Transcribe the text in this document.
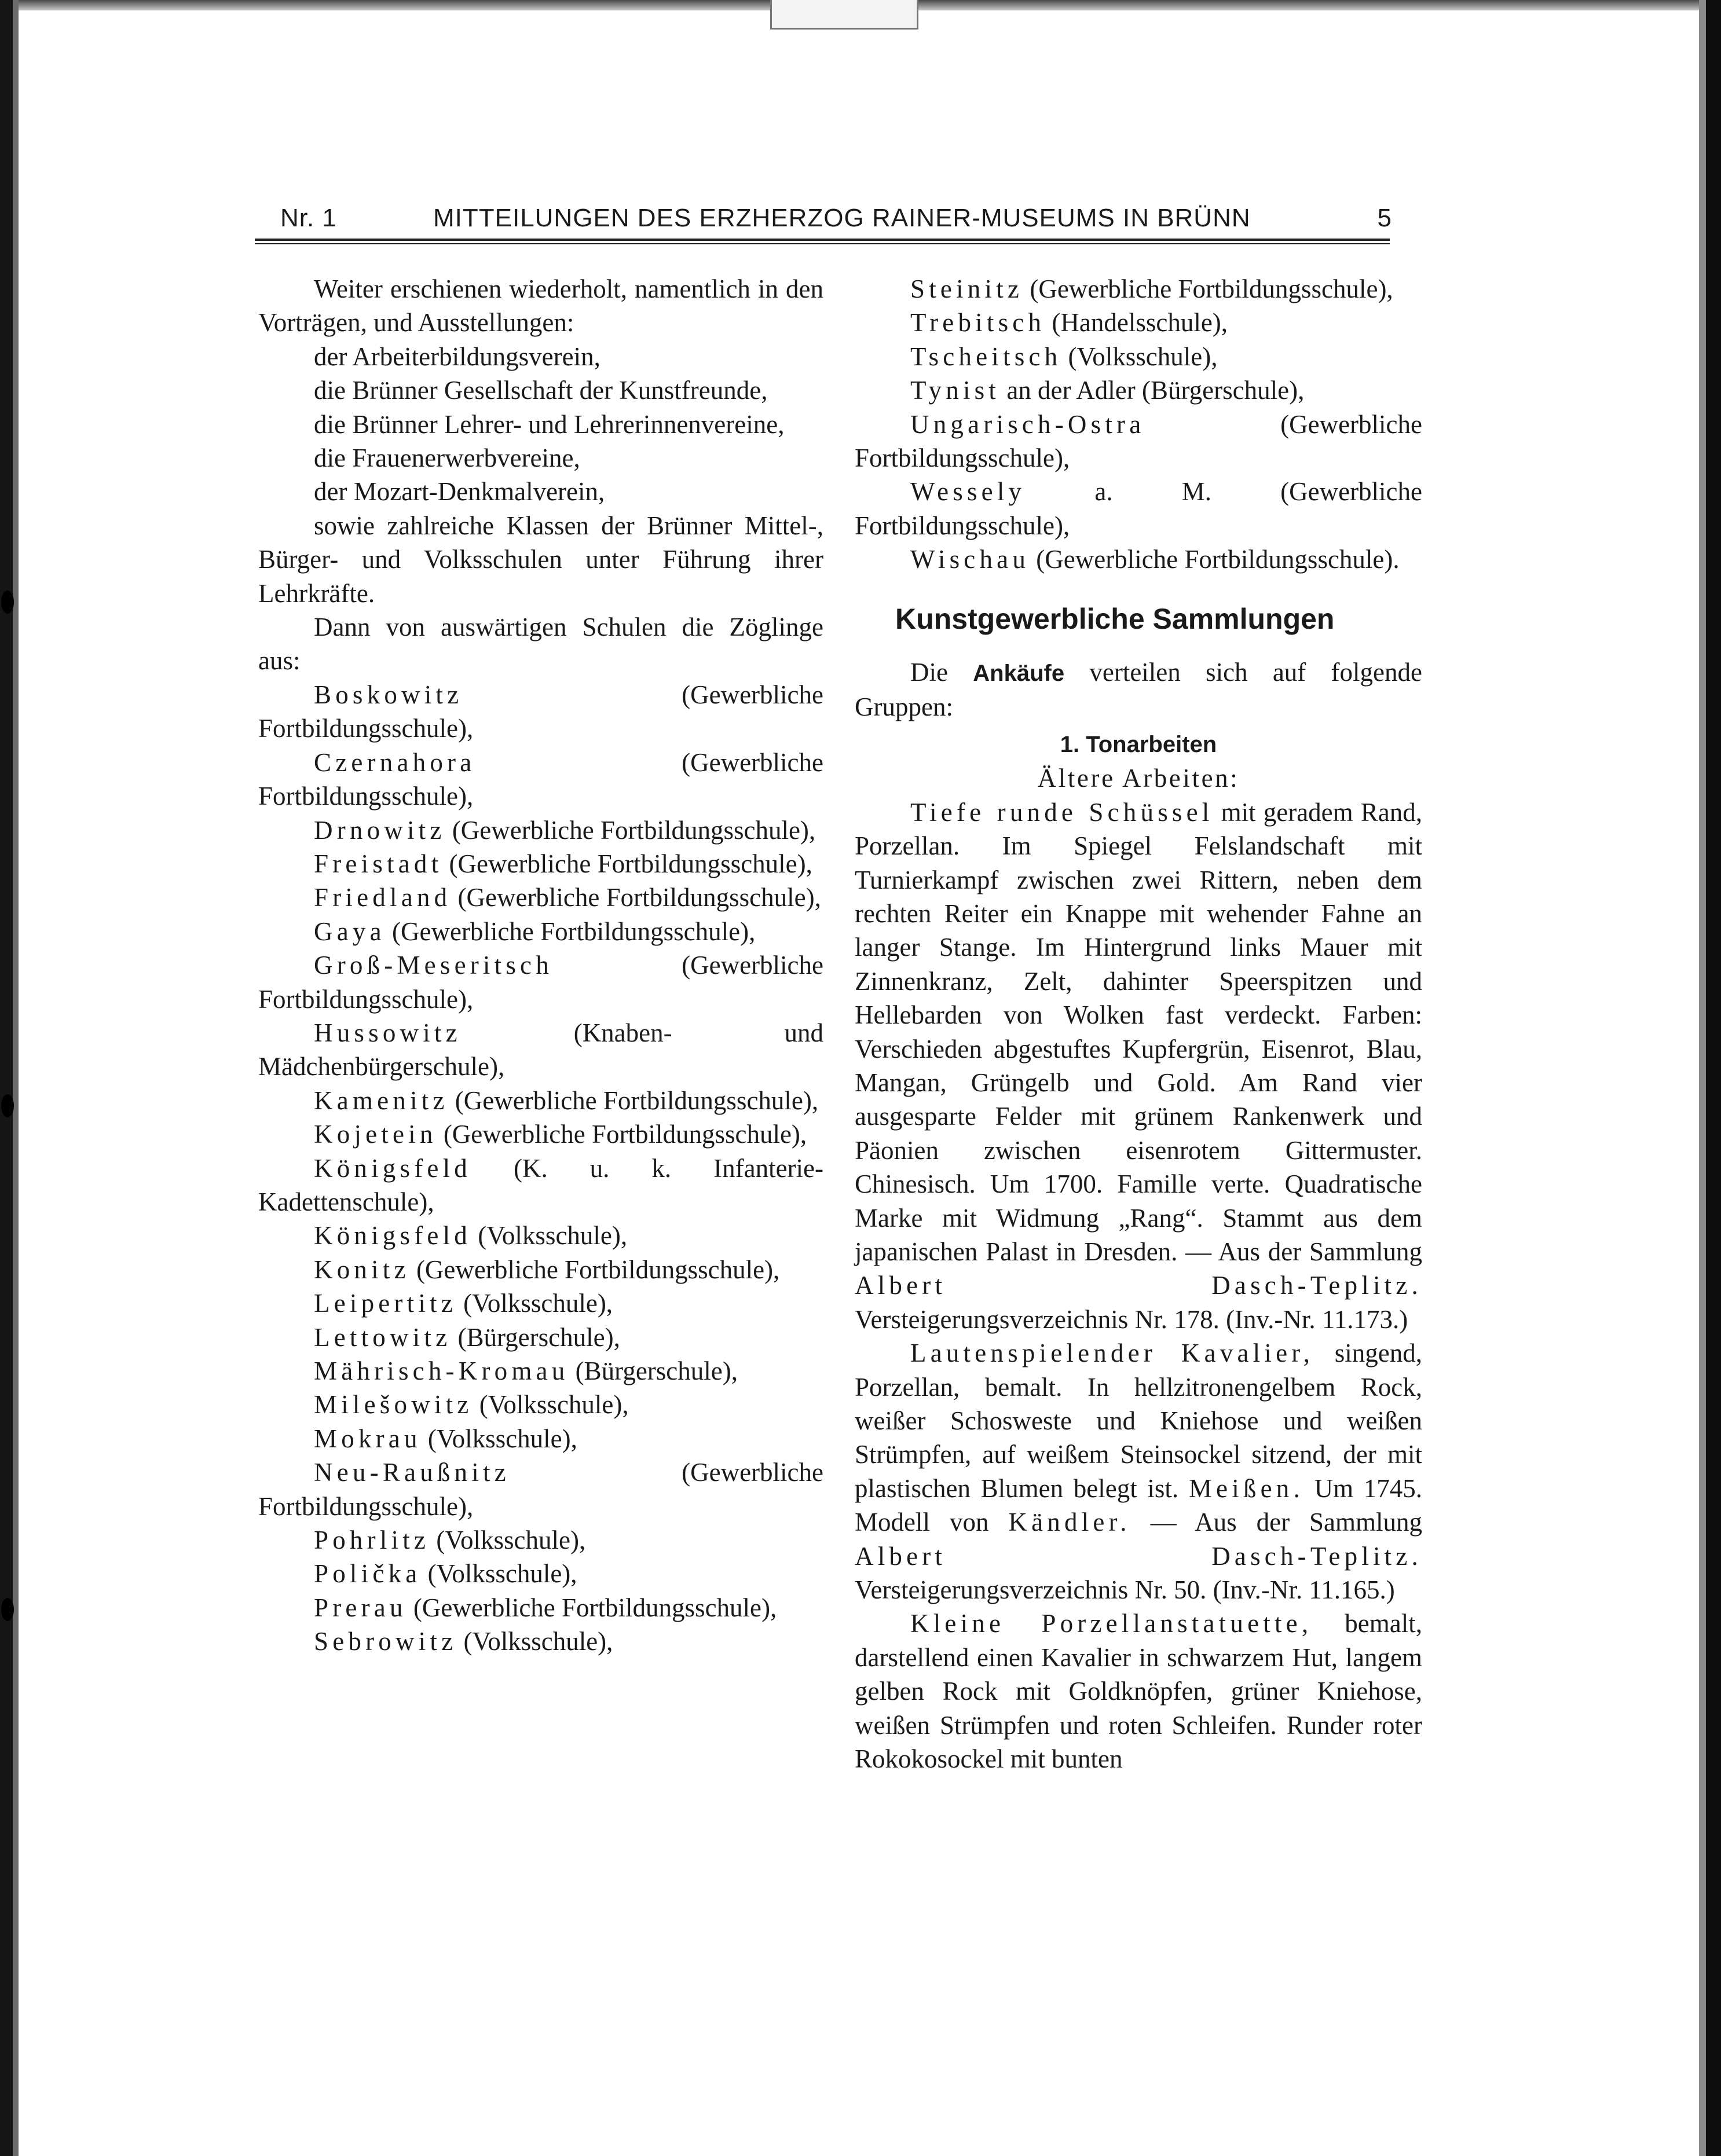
Nr. 1	MITTEILUNGEN DES ERZHERZOG RAINER-MUSEUMS IN BRÜNN	5

Weiter erschienen wiederholt, namentlich in den Vorträgen, und Ausstellungen:

der Arbeiterbildungsverein,

die Brünner Gesellschaft der Kunstfreunde,

die Brünner Lehrer- und Lehrerinnenvereine,

die Frauenerwerbvereine,

der Mozart-Denkmalverein,

sowie zahlreiche Klassen der Brünner Mittel-, Bürger- und Volksschulen unter Führung ihrer Lehrkräfte.

Dann von auswärtigen Schulen die Zöglinge aus:

Boskowitz	(Gewerbliche Fortbildungsschule),

Czernahora	(Gewerbliche Fortbildungsschule),

Drnowitz (Gewerbliche Fortbildungsschule),

Freistadt (Gewerbliche Fortbildungsschule),

Friedland (Gewerbliche Fortbildungsschule),

Gaya (Gewerbliche Fortbildungsschule),

Groß-Meseritsch	(Gewerbliche Fortbildungsschule),

Hussowitz	(Knaben- und Mädchenbürgerschule),

Kamenitz (Gewerbliche Fortbildungsschule),

Kojetein (Gewerbliche Fortbildungsschule),

Königsfeld (K. u. k. Infanterie-Kadettenschule),

Königsfeld (Volksschule),

Konitz (Gewerbliche Fortbildungsschule),

Leipertitz (Volksschule),

Lettowitz (Bürgerschule),

Mährisch-Kromau (Bürgerschule),

Milešowitz (Volksschule),

Mokrau (Volksschule),

Neu-Raußnitz	(Gewerbliche Fortbildungsschule),

Pohrlitz (Volksschule),

Polička (Volksschule),

Prerau (Gewerbliche Fortbildungsschule),

Sebrowitz (Volksschule),

Steinitz (Gewerbliche Fortbildungsschule),

Trebitsch (Handelsschule),

Tscheitsch (Volksschule),

Tynist an der Adler (Bürgerschule),

Ungarisch-Ostra	(Gewerbliche Fortbildungsschule),

Wessely	a. M. (Gewerbliche Fortbildungsschule),

Wischau (Gewerbliche Fortbildungsschule).

Kunstgewerbliche Sammlungen

Die Ankäufe verteilen sich auf folgende Gruppen:

1. Tonarbeiten

Ältere Arbeiten:

Tiefe runde Schüssel mit geradem Rand, Porzellan. Im Spiegel Felslandschaft mit Turnierkampf zwischen zwei Rittern, neben dem rechten Reiter ein Knappe mit wehender Fahne an langer Stange. Im Hintergrund links Mauer mit Zinnenkranz, Zelt, dahinter Speerspitzen und Hellebarden von Wolken fast verdeckt. Farben: Verschieden abgestuftes Kupfergrün, Eisenrot, Blau, Mangan, Grüngelb und Gold. Am Rand vier ausgesparte Felder mit grünem Rankenwerk und Päonien zwischen eisenrotem Gittermuster. Chinesisch. Um 1700. Famille verte. Quadratische Marke mit Widmung „Rang“. Stammt aus dem japanischen Palast in Dresden. — Aus der Sammlung Albert Dasch-Teplitz. Versteigerungsverzeichnis Nr. 178. (Inv.-Nr. 11.173.)

Lautenspielender Kavalier, singend, Porzellan, bemalt. In hellzitronengelbem Rock, weißer Schosweste und Kniehose und weißen Strümpfen, auf weißem Steinsockel sitzend, der mit plastischen Blumen belegt ist. Meißen. Um 1745. Modell von Kändler. — Aus der Sammlung Albert Dasch-Teplitz. Versteigerungsverzeichnis Nr. 50. (Inv.-Nr. 11.165.)

Kleine Porzellanstatuette, bemalt, darstellend einen Kavalier in schwarzem Hut, langem gelben Rock mit Goldknöpfen, grüner Kniehose, weißen Strümpfen und roten Schleifen. Runder roter Rokokosockel mit bunten
